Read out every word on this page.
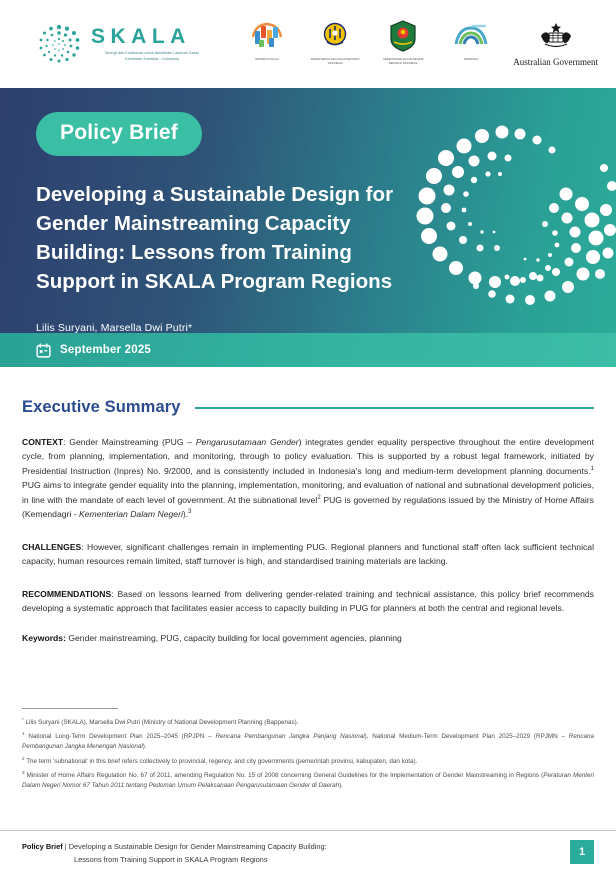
SKALA
Sinergi dan Kolaborasi untuk Akselerasi Layanan Dasar
Kemitraan Australia – Indonesia	BAPPENAS SKALA	KEMENTERIAN KEUANGAN REPUBLIK INDONESIA
KEMENTERIAN DALAM NEGERI REPUBLIK INDONESIA
BAPPENAS	Australian Government
Policy Brief
Developing a Sustainable Design for Gender Mainstreaming Capacity Building: Lessons from Training Support in SKALA Program Regions
Lilis Suryani, Marsella Dwi Putri*
September 2025
Executive Summary

CONTEXT: Gender Mainstreaming (PUG – Pengarusutamaan Gender) integrates gender equality perspective throughout the entire development cycle, from planning, implementation, and monitoring, through to policy evaluation. This is supported by a robust legal framework, initiated by Presidential Instruction (Inpres) No. 9/2000, and is consistently included in Indonesia's long and medium-term development planning documents.$^1$ PUG aims to integrate gender equality into the planning, implementation, monitoring, and evaluation of national and subnational development policies, in line with the mandate of each level of government. At the subnational level$^2$ PUG is governed by regulations issued by the Ministry of Home Affairs (Kemendagri - Kementerian Dalam Negeri).$^3$

CHALLENGES: However, significant challenges remain in implementing PUG. Regional planners and functional staff often lack sufficient technical capacity, human resources remain limited, staff turnover is high, and standardised training materials are lacking.

RECOMMENDATIONS: Based on lessons learned from delivering gender-related training and technical assistance, this policy brief recommends developing a systematic approach that facilitates easier access to capacity building in PUG for planners at both the central and regional levels.

Keywords: Gender mainstreaming, PUG, capacity building for local government agencies, planning

* Lilis Suryani (SKALA), Marsella Dwi Putri (Ministry of National Development Planning (Bappenas).
$^1$ National Long-Term Development Plan 2025–2045 (RPJPN – Rencana Pembangunan Jangka Panjang Nasional), National Medium-Term Development Plan 2025–2029 (RPJMN – Rencana Pembangunan Jangka Menengah Nasional).
$^2$ The term 'subnational' in this brief refers collectively to provincial, regency, and city governments (pemerintah provinsi, kabupaten, dan kota).
$^3$ Minister of Home Affairs Regulation No. 67 of 2011, amending Regulation No. 15 of 2008 concerning General Guidelines for the Implementation of Gender Mainstreaming in Regions (Peraturan Menteri Dalam Negeri Nomor 67 Tahun 2011 tentang Pedoman Umum Pelaksanaan Pengarusutamaan Gender di Daerah).
Policy Brief | Developing a Sustainable Design for Gender Mainstreaming Capacity Building:
Lessons from Training Support in SKALA Program Regions
1
